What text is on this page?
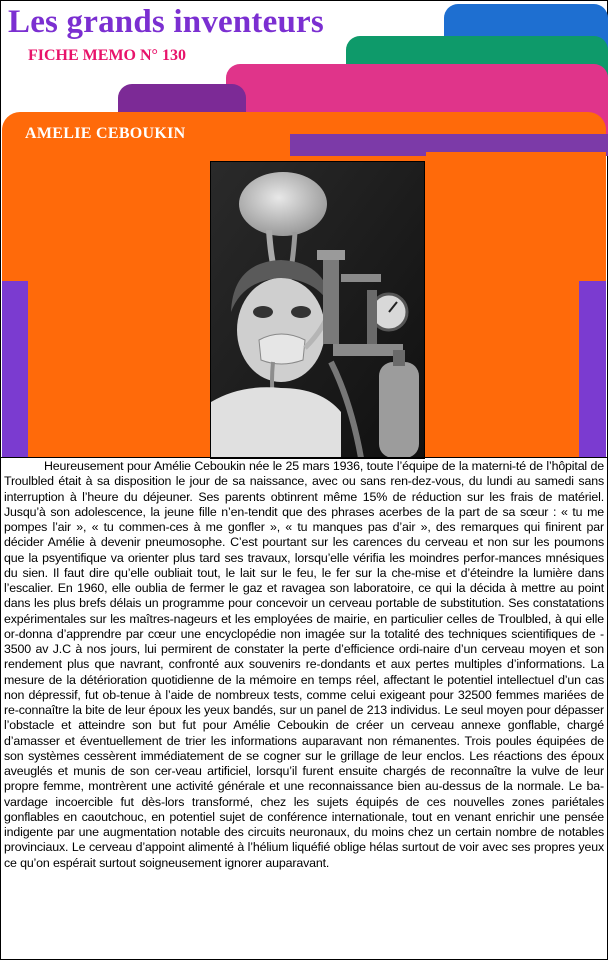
Les grands inventeurs
FICHE MEMO N° 130
AMELIE CEBOUKIN

Heureusement pour Amélie Ceboukin née le 25 mars 1936, toute l’équipe de la materni-té de l’hôpital de Troulbled était à sa disposition le jour de sa naissance, avec ou sans ren-dez-vous, du lundi au samedi sans interruption à l’heure du déjeuner. Ses parents obtinrent même 15% de réduction sur les frais de matériel. Jusqu’à son adolescence, la jeune fille n’en-tendit que des phrases acerbes de la part de sa sœur : « tu me pompes l’air », « tu commen-ces à me gonfler », « tu manques pas d’air », des remarques qui finirent par décider Amélie à devenir pneumosophe. C’est pourtant sur les carences du cerveau et non sur les poumons que la psyentifique va orienter plus tard ses travaux, lorsqu’elle vérifia les moindres perfor-mances mnésiques du sien. Il faut dire qu’elle oubliait tout, le lait sur le feu, le fer sur la che-mise et d’éteindre la lumière dans l’escalier. En 1960, elle oublia de fermer le gaz et ravagea son laboratoire, ce qui la décida à mettre au point dans les plus brefs délais un programme pour concevoir un cerveau portable de substitution. Ses constatations expérimentales sur les maîtres-nageurs et les employées de mairie, en particulier celles de Troulbled, à qui elle or-donna d’apprendre par cœur une encyclopédie non imagée sur la totalité des techniques scientifiques de - 3500 av J.C à nos jours, lui permirent de constater la perte d’efficience ordi-naire d’un cerveau moyen et son rendement plus que navrant, confronté aux souvenirs re-dondants et aux pertes multiples d’informations. La mesure de la détérioration quotidienne de la mémoire en temps réel, affectant le potentiel intellectuel d’un cas non dépressif, fut ob-tenue à l’aide de nombreux tests, comme celui exigeant pour 32500 femmes mariées de re-connaître la bite de leur époux les yeux bandés, sur un panel de 213 individus. Le seul moyen pour dépasser l’obstacle et atteindre son but fut pour Amélie Ceboukin de créer un cerveau annexe gonflable, chargé d’amasser et éventuellement de trier les informations auparavant non rémanentes. Trois poules équipées de son systèmes cessèrent immédiatement de se cogner sur le grillage de leur enclos. Les réactions des époux aveuglés et munis de son cer-veau artificiel, lorsqu’il furent ensuite chargés de reconnaître la vulve de leur propre femme, montrèrent une activité générale et une reconnaissance bien au-dessus de la normale. Le ba-vardage incoercible fut dès-lors transformé, chez les sujets équipés de ces nouvelles zones pariétales gonflables en caoutchouc, en potentiel sujet de conférence internationale, tout en venant enrichir une pensée indigente par une augmentation notable des circuits neuronaux, du moins chez un certain nombre de notables provinciaux. Le cerveau d’appoint alimenté à l’hélium liquéfié oblige hélas surtout de voir avec ses propres yeux ce qu’on espérait surtout soigneusement ignorer auparavant.
